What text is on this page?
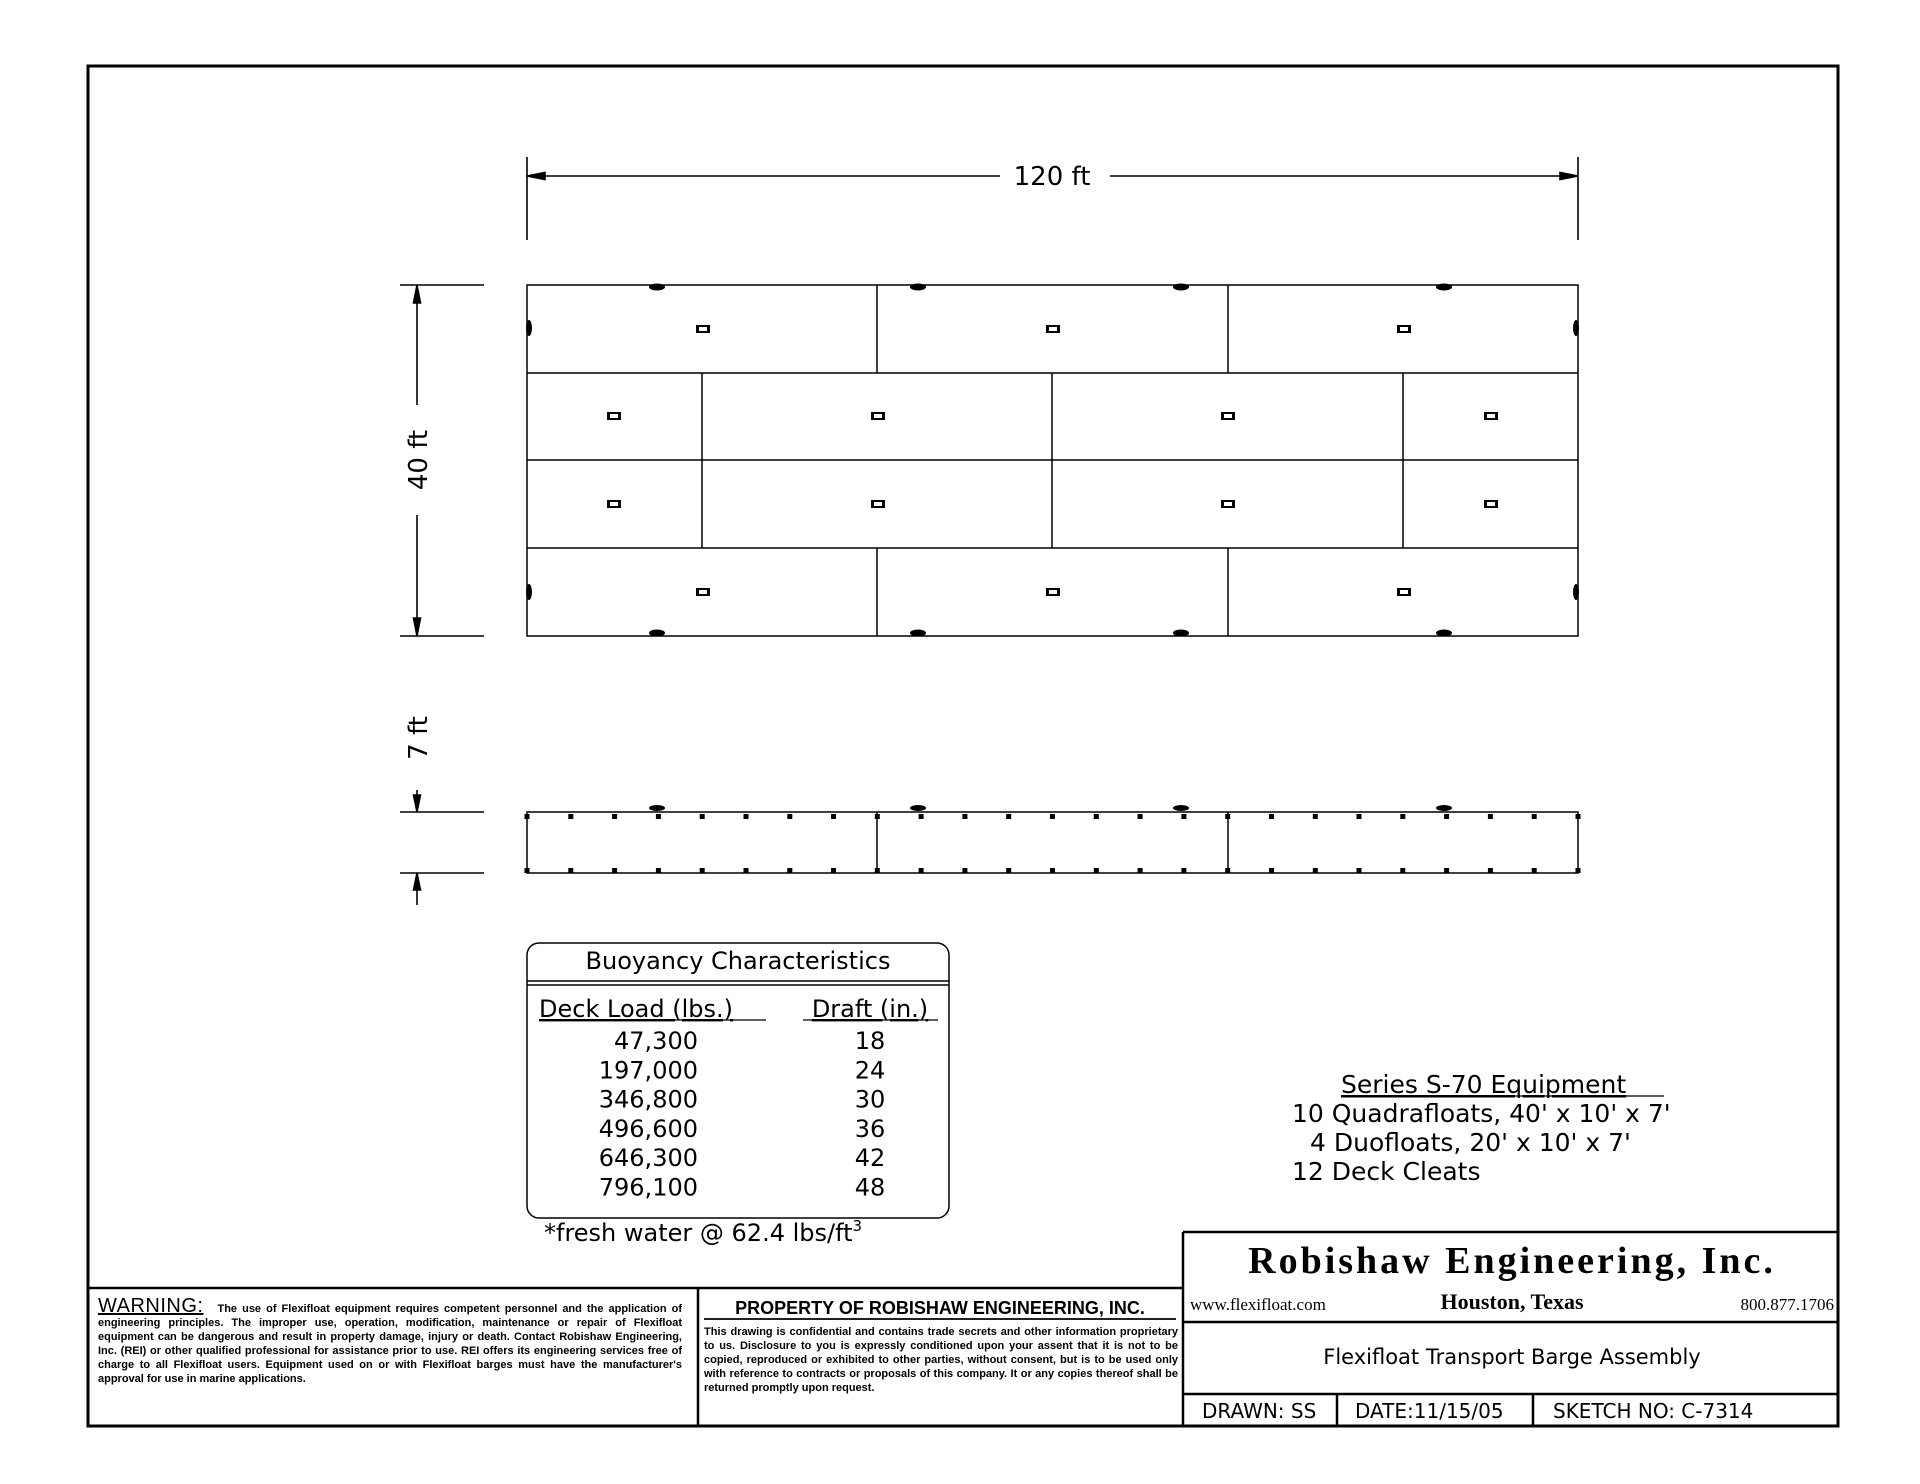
120 ft
40 ft
7 ft
Buoyancy Characteristics
Deck Load (lbs.)	Draft (in.)
47,300	18
197,000	24
346,800	30
496,600	36
646,300	42
796,100	48
*fresh water @ 62.4 lbs/$ft^3$
Series S-70 Equipment
10 Quadrafloats, 40' x 10' x 7'
4 Duofloats, 20' x 10' x 7'
12 Deck Cleats
PROPERTY OF ROBISHAW ENGINEERING, INC.
Robishaw Engineering, Inc.
www.flexifloat.com	Houston, Texas	800.877.1706
Flexifloat Transport Barge Assembly
DRAWN: SS DATE:11/15/05 SKETCH NO: C-7314
WARNING: The use of Flexifloat equipment requires competent personnel and the application of engineering principles. The improper use, operation, modification, maintenance or repair of Flexifloat equipment can be dangerous and result in property damage, injury or death. Contact Robishaw Engineering, Inc. (REI) or other qualified professional for assistance prior to use. REI offers its engineering services free of charge to all Flexifloat users. Equipment used on or with Flexifloat barges must have the manufacturer's approval for use in marine applications.
This drawing is confidential and contains trade secrets and other information proprietary to us. Disclosure to you is expressly conditioned upon your assent that it is not to be copied, reproduced or exhibited to other parties, without consent, but is to be used only with reference to contracts or proposals of this company. It or any copies thereof shall be returned promptly upon request.
